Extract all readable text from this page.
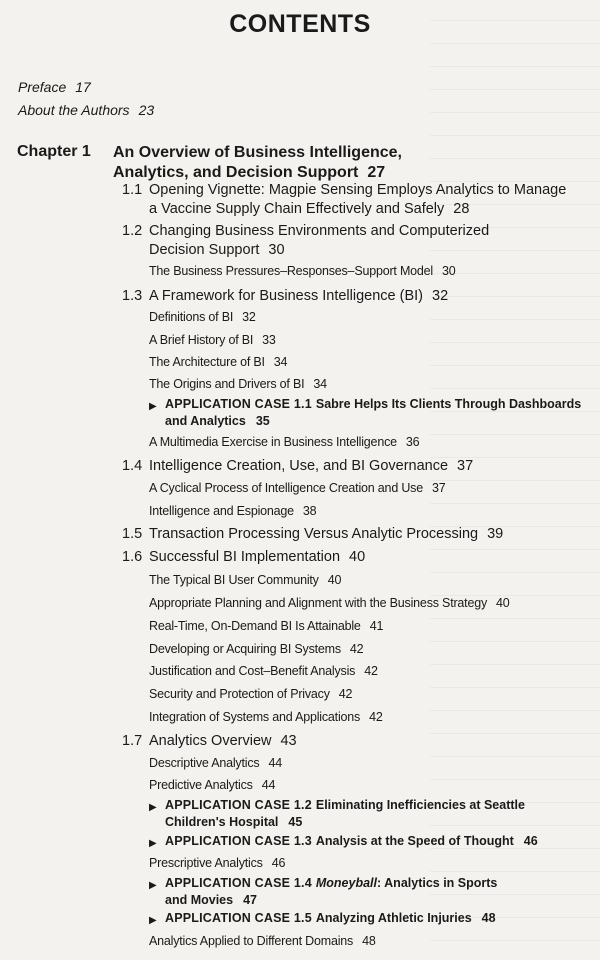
CONTENTS
Preface 17
About the Authors 23
Chapter 1 An Overview of Business Intelligence,
Analytics, and Decision Support 27
1.1 Opening Vignette: Magpie Sensing Employs Analytics to Manage
a Vaccine Supply Chain Effectively and Safely 28
1.2 Changing Business Environments and Computerized
Decision Support 30
The Business Pressures–Responses–Support Model 30
1.3 A Framework for Business Intelligence (BI) 32
Definitions of BI 32
A Brief History of BI 33
The Architecture of BI 34
The Origins and Drivers of BI 34
▶ APPLICATION CASE 1.1 Sabre Helps Its Clients Through Dashboards
and Analytics 35
A Multimedia Exercise in Business Intelligence 36
1.4 Intelligence Creation, Use, and BI Governance 37
A Cyclical Process of Intelligence Creation and Use 37
Intelligence and Espionage 38
1.5 Transaction Processing Versus Analytic Processing 39
1.6 Successful BI Implementation 40
The Typical BI User Community 40
Appropriate Planning and Alignment with the Business Strategy 40
Real-Time, On-Demand BI Is Attainable 41
Developing or Acquiring BI Systems 42
Justification and Cost–Benefit Analysis 42
Security and Protection of Privacy 42
Integration of Systems and Applications 42
1.7 Analytics Overview 43
Descriptive Analytics 44
Predictive Analytics 44
▶ APPLICATION CASE 1.2 Eliminating Inefficiencies at Seattle
Children's Hospital 45
▶ APPLICATION CASE 1.3 Analysis at the Speed of Thought 46
Prescriptive Analytics 46
▶ APPLICATION CASE 1.4 Moneyball: Analytics in Sports
and Movies 47
▶ APPLICATION CASE 1.5 Analyzing Athletic Injuries 48
Analytics Applied to Different Domains 48
